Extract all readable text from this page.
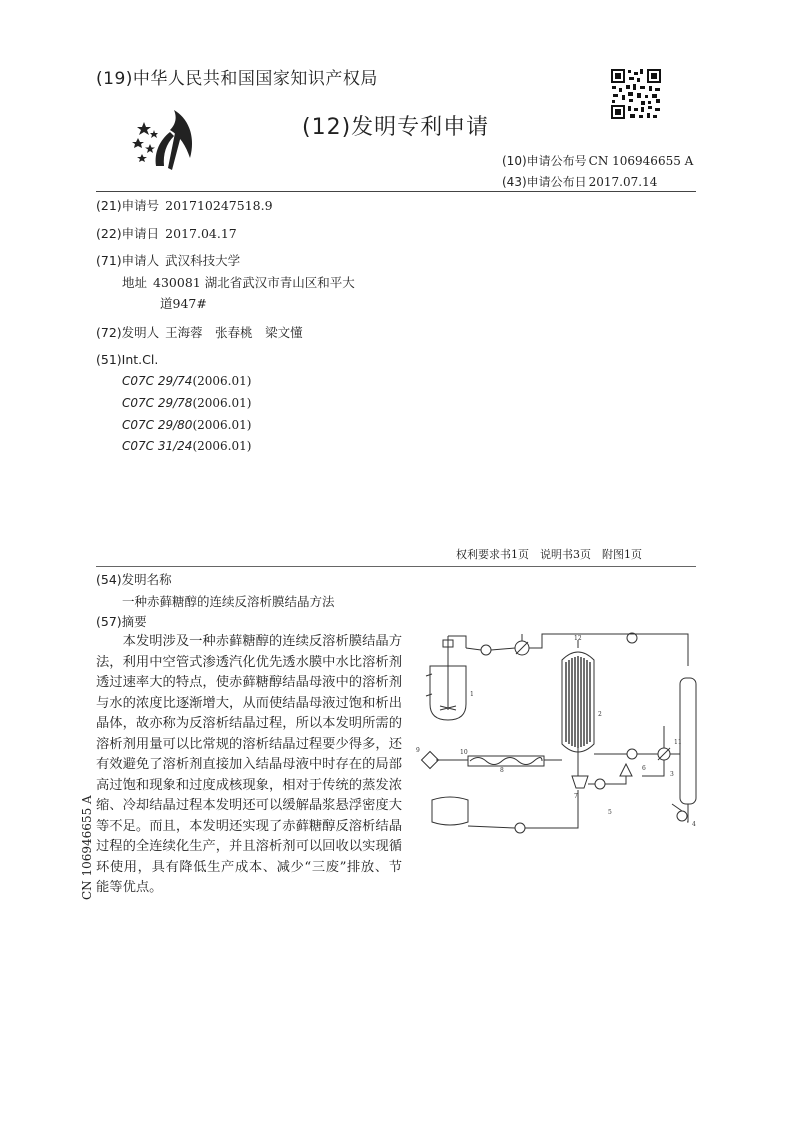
(19)中华人民共和国国家知识产权局
(12)发明专利申请
(10)申请公布号 CN 106946655 A
(43)申请公布日 2017.07.14
(21)申请号 201710247518.9
(22)申请日 2017.04.17
(71)申请人 武汉科技大学
地址 430081 湖北省武汉市青山区和平大
道947#
(72)发明人 王海蓉　张春桃　梁文懂
(51)Int.Cl.
C07C 29/74(2006.01)
C07C 29/78(2006.01)
C07C 29/80(2006.01)
C07C 31/24(2006.01)
权利要求书1页　说明书3页　附图1页
(54)发明名称
一种赤藓糖醇的连续反溶析膜结晶方法
(57)摘要
本发明涉及一种赤藓糖醇的连续反溶析膜结晶方法，利用中空管式渗透汽化优先透水膜中水比溶析剂透过速率大的特点，使赤藓糖醇结晶母液中的溶析剂与水的浓度比逐渐增大，从而使结晶母液过饱和析出晶体，故亦称为反溶析结晶过程，所以本发明所需的溶析剂用量可以比常规的溶析结晶过程要少得多，还有效避免了溶析剂直接加入结晶母液中时存在的局部高过饱和现象和过度成核现象，相对于传统的蒸发浓缩、冷却结晶过程本发明还可以缓解晶浆悬浮密度大等不足。而且，本发明还实现了赤藓糖醇反溶析结晶过程的全连续化生产，并且溶析剂可以回收以实现循环使用，具有降低生产成本、减少“三废”排放、节能等优点。
CN 106946655 A
1
2
3
4
5
6
7
8
9	10
11
12
